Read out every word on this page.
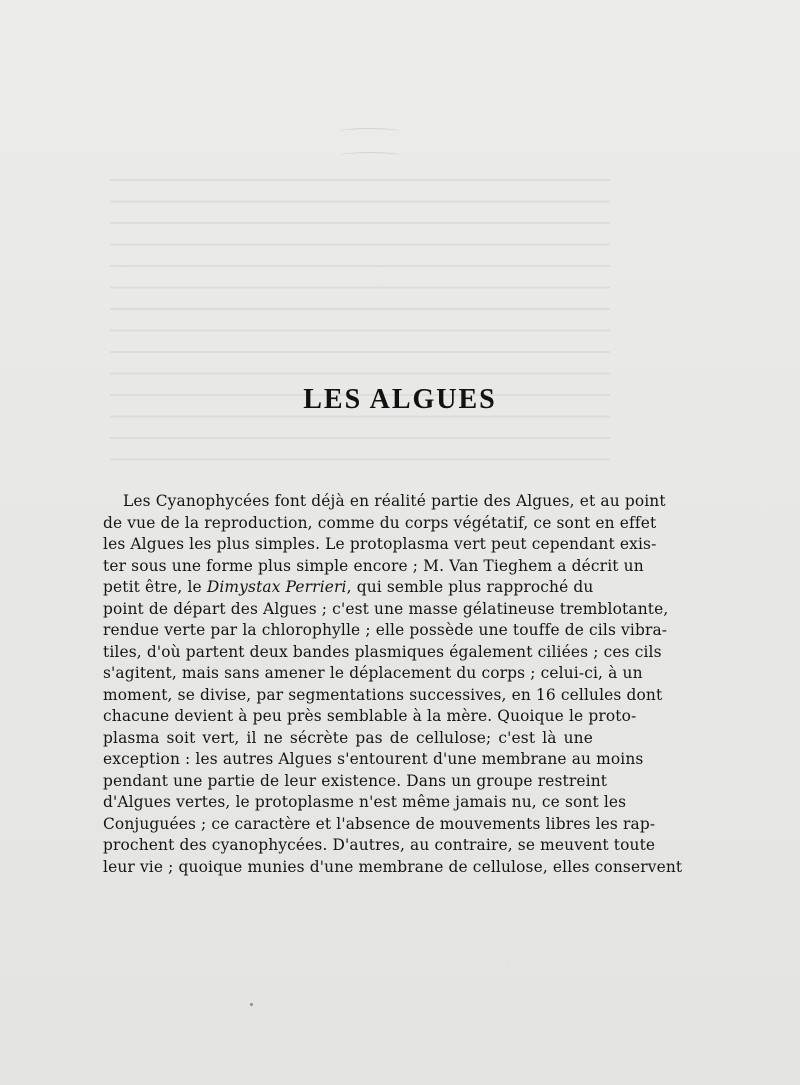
LES ALGUES
Les Cyanophycées font déjà en réalité partie des Algues, et au point
de vue de la reproduction, comme du corps végétatif, ce sont en effet
les Algues les plus simples. Le protoplasma vert peut cependant exis-
ter sous une forme plus simple encore ; M. Van Tieghem a décrit un
petit être, le Dimystax Perrieri, qui semble plus rapproché du
point de départ des Algues ; c'est une masse gélatineuse tremblotante,
rendue verte par la chlorophylle ; elle possède une touffe de cils vibra-
tiles, d'où partent deux bandes plasmiques également ciliées ; ces cils
s'agitent, mais sans amener le déplacement du corps ; celui-ci, à un
moment, se divise, par segmentations successives, en 16 cellules dont
chacune devient à peu près semblable à la mère. Quoique le proto-
plasma soit vert, il ne sécrète pas de cellulose; c'est là une
exception : les autres Algues s'entourent d'une membrane au moins
pendant une partie de leur existence. Dans un groupe restreint
d'Algues vertes, le protoplasme n'est même jamais nu, ce sont les
Conjuguées ; ce caractère et l'absence de mouvements libres les rap-
prochent des cyanophycées. D'autres, au contraire, se meuvent toute
leur vie ; quoique munies d'une membrane de cellulose, elles conservent
